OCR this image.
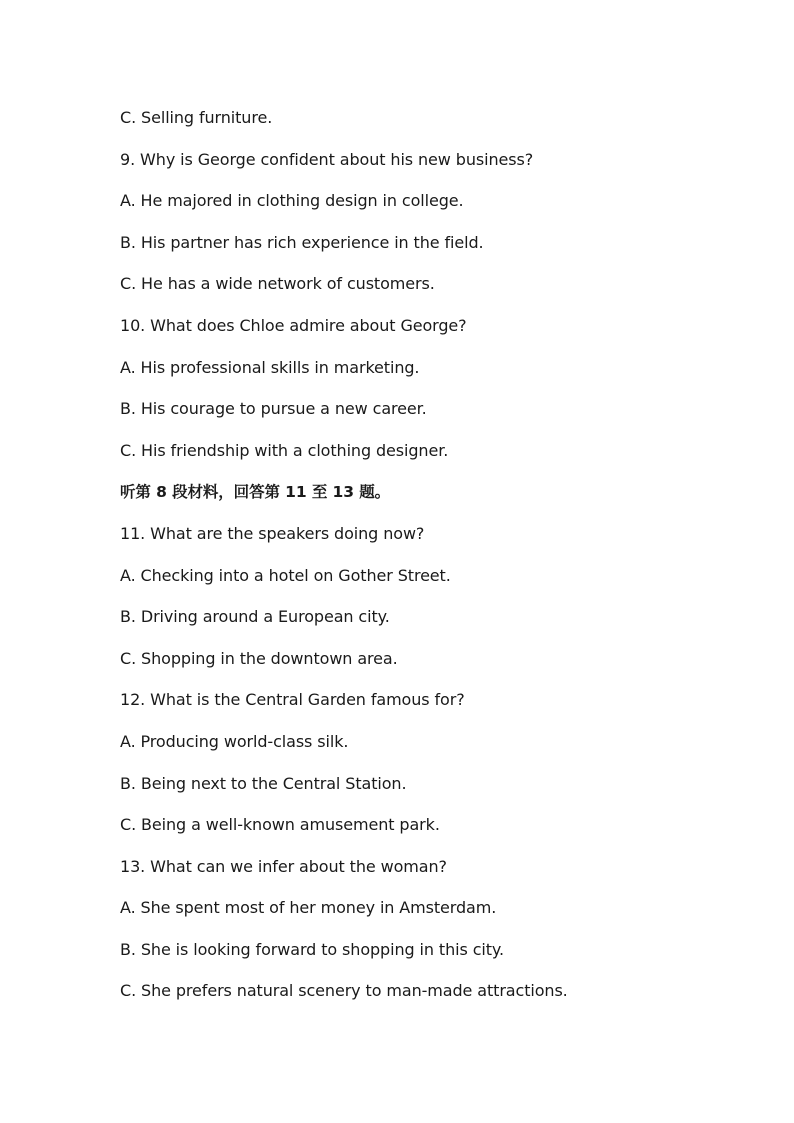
C. Selling furniture.
9. Why is George confident about his new business?
A. He majored in clothing design in college.
B. His partner has rich experience in the field.
C. He has a wide network of customers.
10. What does Chloe admire about George?
A. His professional skills in marketing.
B. His courage to pursue a new career.
C. His friendship with a clothing designer.
听第 8 段材料，回答第 11 至 13 题。
11. What are the speakers doing now?
A. Checking into a hotel on Gother Street.
B. Driving around a European city.
C. Shopping in the downtown area.
12. What is the Central Garden famous for?
A. Producing world-class silk.
B. Being next to the Central Station.
C. Being a well-known amusement park.
13. What can we infer about the woman?
A. She spent most of her money in Amsterdam.
B. She is looking forward to shopping in this city.
C. She prefers natural scenery to man-made attractions.
